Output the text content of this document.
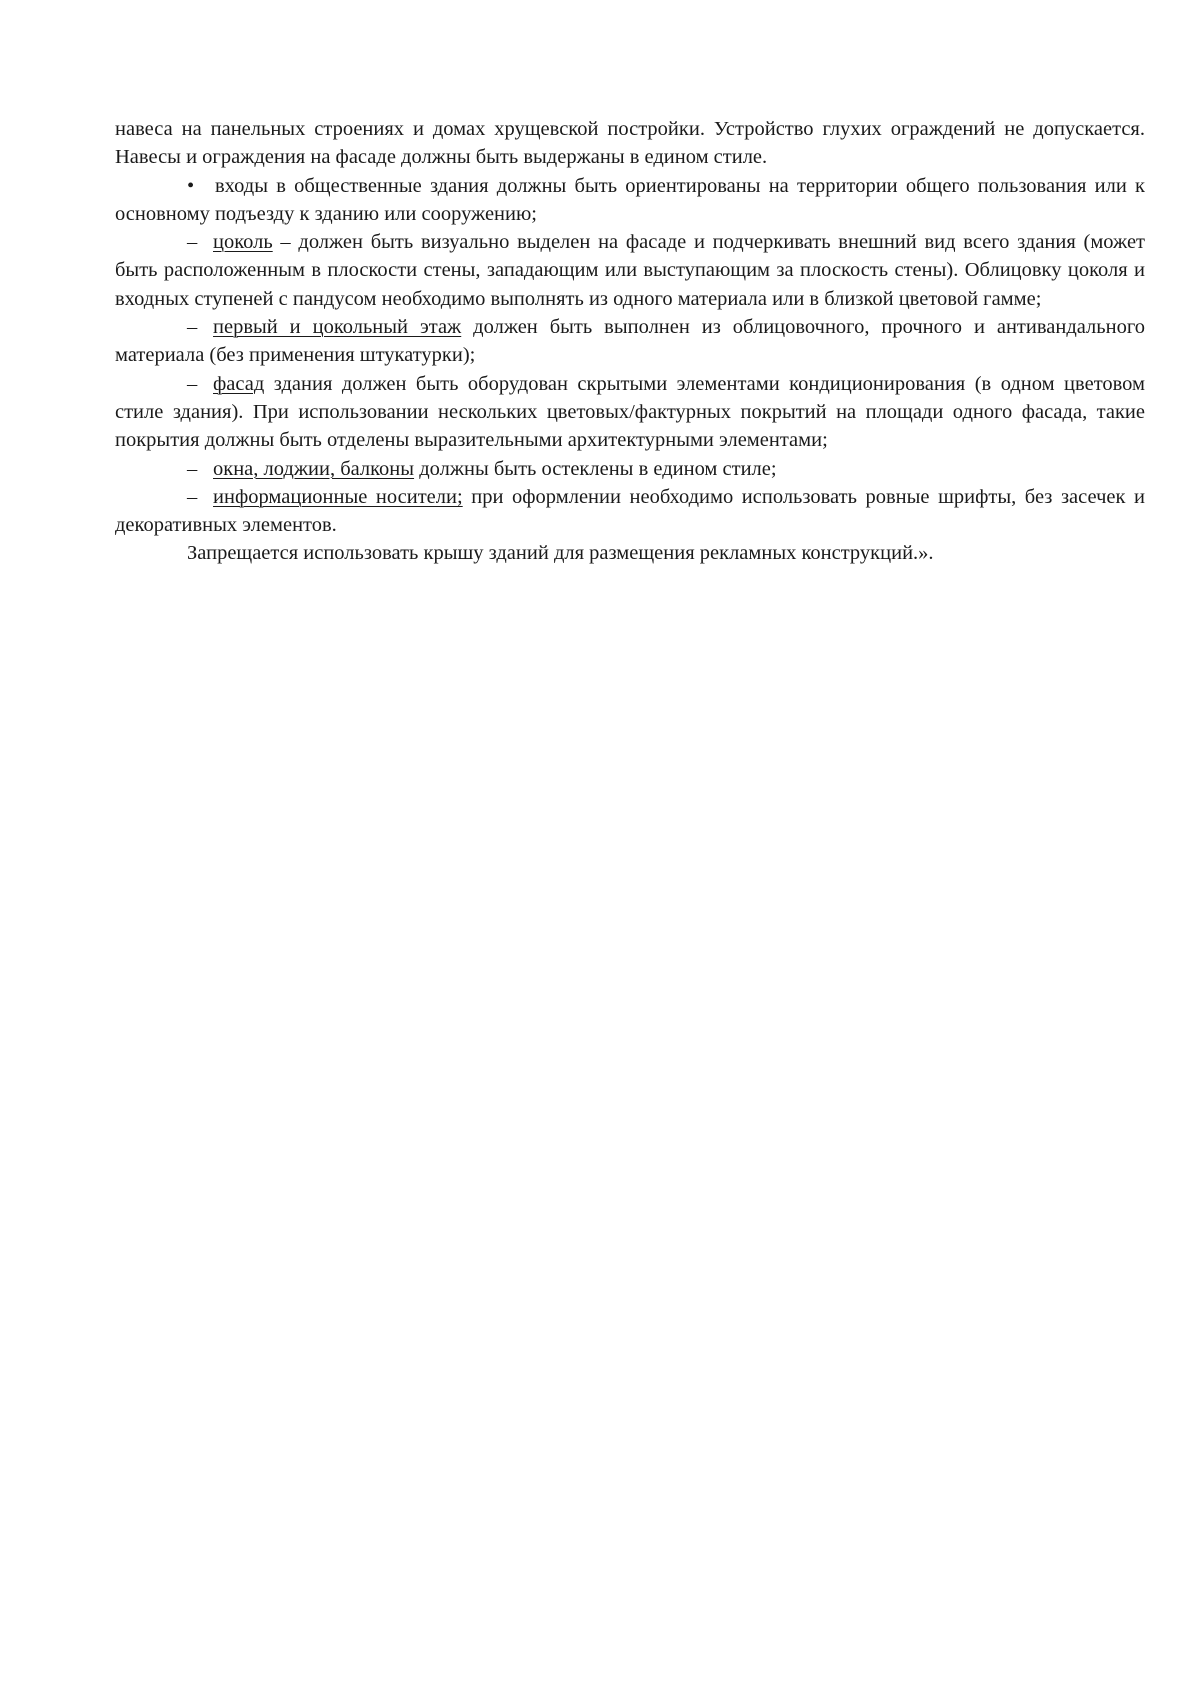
навеса на панельных строениях и домах хрущевской постройки. Устройство глухих ограждений не допускается. Навесы и ограждения на фасаде должны быть выдержаны в едином стиле.

• входы в общественные здания должны быть ориентированы на территории общего пользования или к основному подъезду к зданию или сооружению;

– цоколь – должен быть визуально выделен на фасаде и подчеркивать внешний вид всего здания (может быть расположенным в плоскости стены, западающим или выступающим за плоскость стены). Облицовку цоколя и входных ступеней с пандусом необходимо выполнять из одного материала или в близкой цветовой гамме;

– первый и цокольный этаж должен быть выполнен из облицовочного, прочного и антивандального материала (без применения штукатурки);

– фасад здания должен быть оборудован скрытыми элементами кондиционирования (в одном цветовом стиле здания). При использовании нескольких цветовых/фактурных покрытий на площади одного фасада, такие покрытия должны быть отделены выразительными архитектурными элементами;

– окна, лоджии, балконы должны быть остеклены в едином стиле;

– информационные носители; при оформлении необходимо использовать ровные шрифты, без засечек и декоративных элементов.

Запрещается использовать крышу зданий для размещения рекламных конструкций.».
